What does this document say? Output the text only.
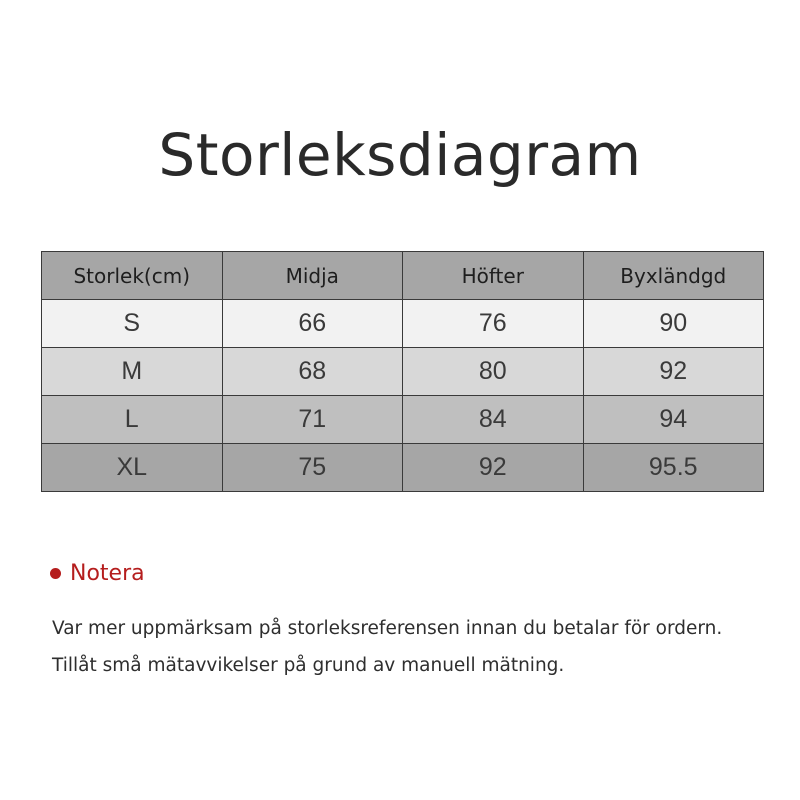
Storleksdiagram
Storlek(cm)	Midja	Höfter	Byxländgd
S	66	76	90
M	68	80	92
L	71	84	94
XL	75	92	95.5
Notera

Var mer uppmärksam på storleksreferensen innan du betalar för ordern. Tillåt små mätavvikelser på grund av manuell mätning.
